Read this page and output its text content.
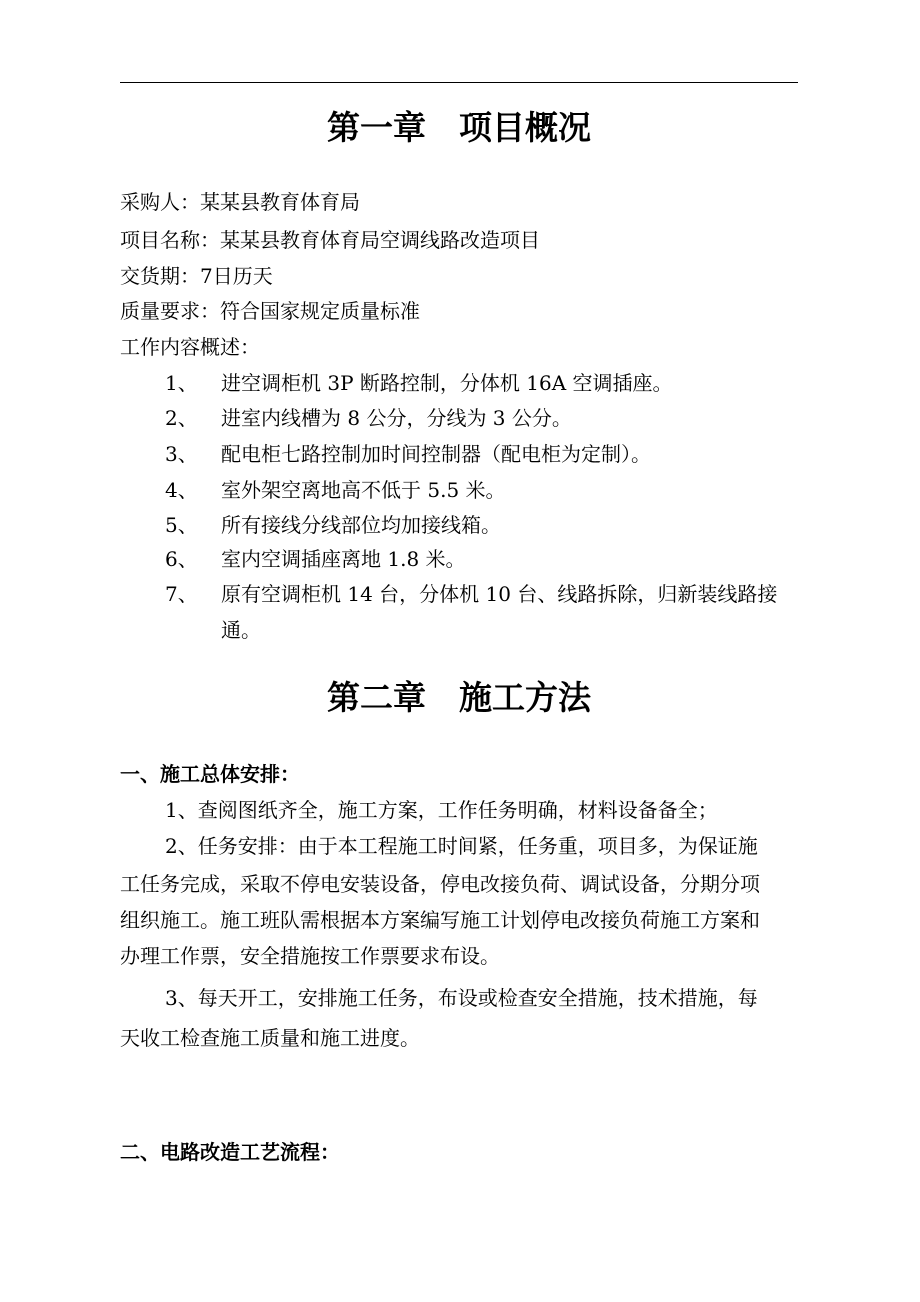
第一章　项目概况
采购人：某某县教育体育局
项目名称：某某县教育体育局空调线路改造项目
交货期：7日历天
质量要求：符合国家规定质量标准
工作内容概述：
1、 进空调柜机 3P 断路控制，分体机 16A 空调插座。
2、 进室内线槽为 8 公分，分线为 3 公分。
3、 配电柜七路控制加时间控制器（配电柜为定制）。
4、 室外架空离地高不低于 5.5 米。
5、 所有接线分线部位均加接线箱。
6、 室内空调插座离地 1.8 米。
7、 原有空调柜机 14 台，分体机 10 台、线路拆除，归新装线路接
通。
第二章　施工方法
一、施工总体安排：
1、查阅图纸齐全，施工方案，工作任务明确，材料设备备全；
2、任务安排：由于本工程施工时间紧，任务重，项目多，为保证施
工任务完成，采取不停电安装设备，停电改接负荷、调试设备，分期分项
组织施工。施工班队需根据本方案编写施工计划停电改接负荷施工方案和
办理工作票，安全措施按工作票要求布设。
3、每天开工，安排施工任务，布设或检查安全措施，技术措施，每
天收工检查施工质量和施工进度。
二、电路改造工艺流程：
